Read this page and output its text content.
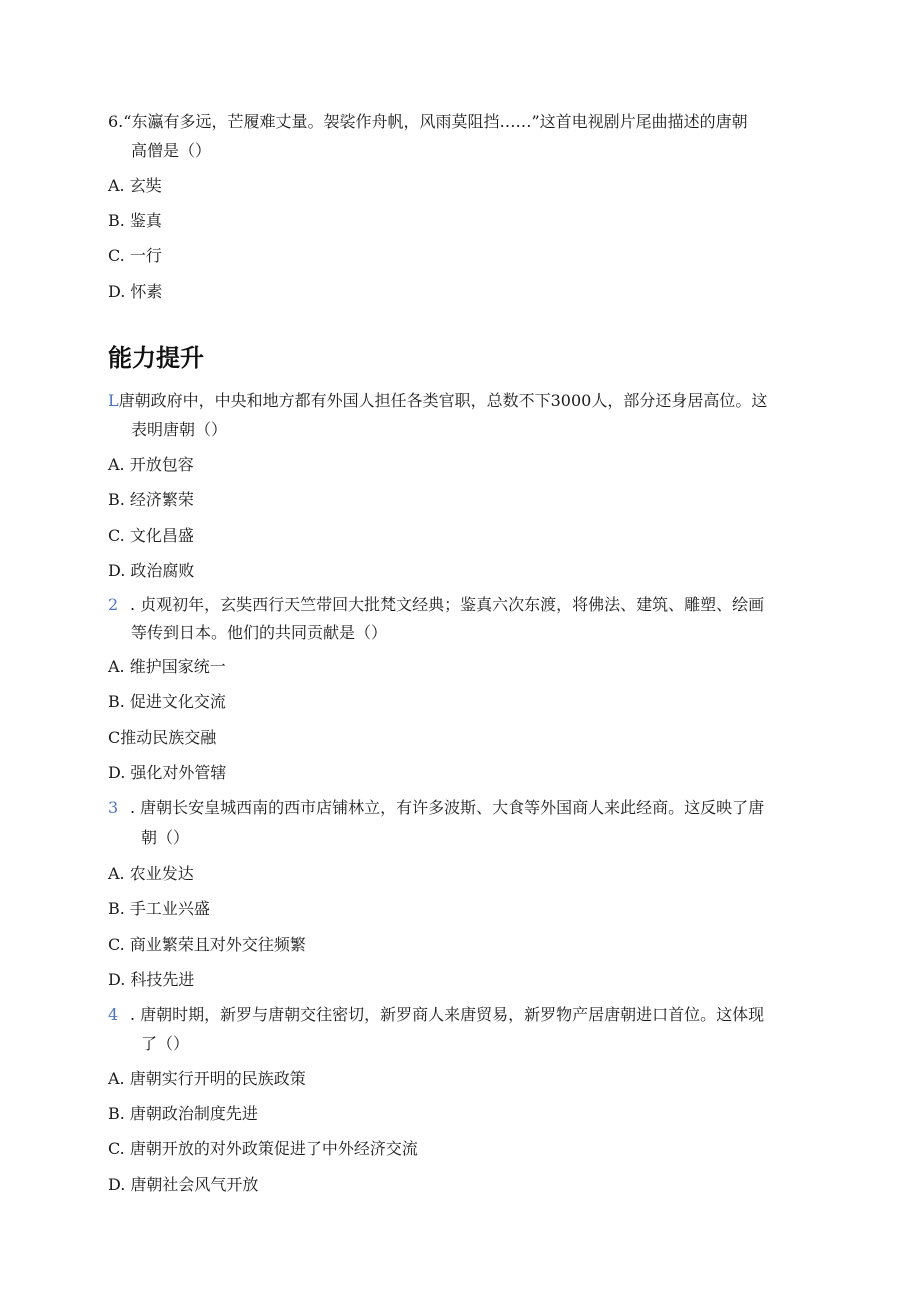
6.“东瀛有多远，芒履难丈量。袈裟作舟帆，风雨莫阻挡……”这首电视剧片尾曲描述的唐朝
高僧是（）
A. 玄奘
B. 鉴真
C. 一行
D. 怀素
能力提升
L唐朝政府中，中央和地方都有外国人担任各类官职，总数不下3000人，部分还身居高位。这
表明唐朝（）
A. 开放包容
B. 经济繁荣
C. 文化昌盛
D. 政治腐败
2 . 贞观初年，玄奘西行天竺带回大批梵文经典；鉴真六次东渡，将佛法、建筑、雕塑、绘画
等传到日本。他们的共同贡献是（）
A. 维护国家统一
B. 促进文化交流
C推动民族交融
D. 强化对外管辖
3 . 唐朝长安皇城西南的西市店铺林立，有许多波斯、大食等外国商人来此经商。这反映了唐
朝（）
A. 农业发达
B. 手工业兴盛
C. 商业繁荣且对外交往频繁
D. 科技先进
4 . 唐朝时期，新罗与唐朝交往密切，新罗商人来唐贸易，新罗物产居唐朝进口首位。这体现
了（）
A. 唐朝实行开明的民族政策
B. 唐朝政治制度先进
C. 唐朝开放的对外政策促进了中外经济交流
D. 唐朝社会风气开放
